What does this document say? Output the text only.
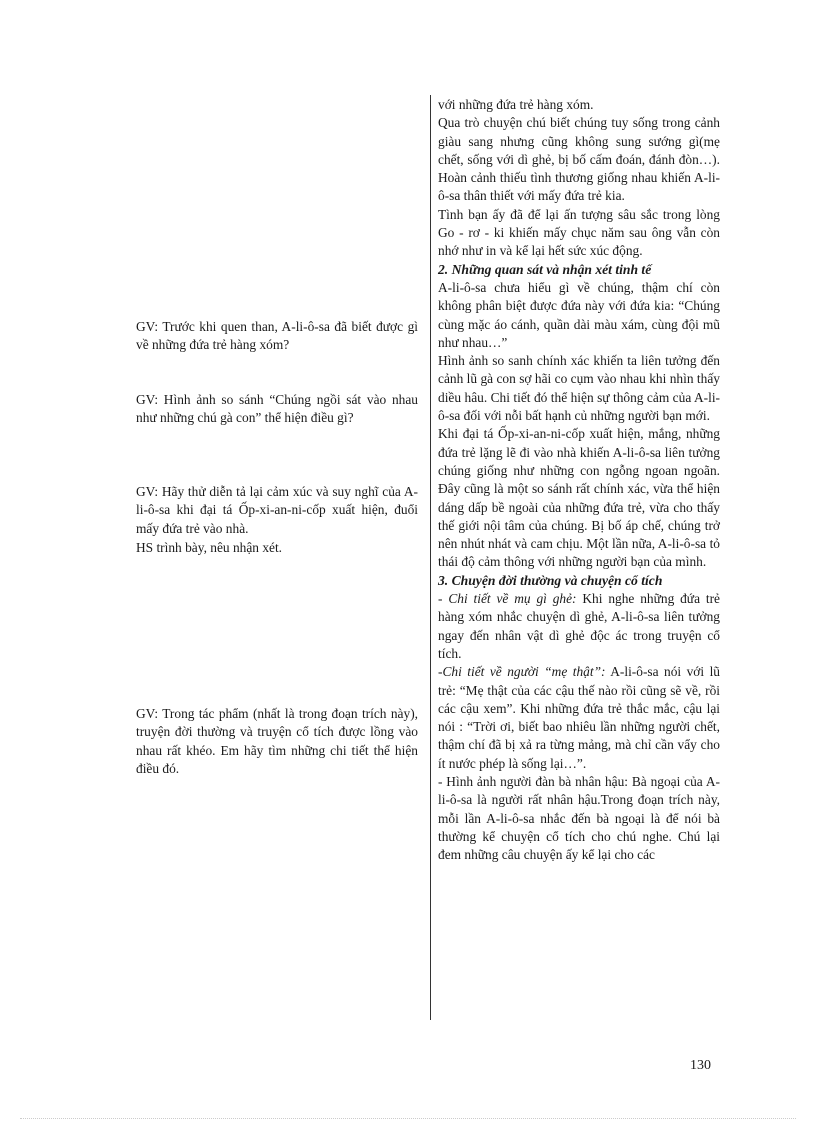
GV: Trước khi quen than, A-li-ô-sa đã biết được gì về những đứa trẻ hàng xóm?
GV: Hình ảnh so sánh “Chúng ngồi sát vào nhau như những chú gà con” thể hiện điều gì?
GV: Hãy thử diễn tả lại cảm xúc và suy nghĩ của A-li-ô-sa khi đại tá Ốp-xi-an-ni-cốp xuất hiện, đuổi mấy đứa trẻ vào nhà.
HS trình bày, nêu nhận xét.
GV: Trong tác phẩm (nhất là trong đoạn trích này), truyện đời thường và truyện cổ tích được lồng vào nhau rất khéo. Em hãy tìm những chi tiết thể hiện điều đó.

với những đứa trẻ hàng xóm.

Qua trò chuyện chú biết chúng tuy sống trong cảnh giàu sang nhưng cũng không sung sướng gì(mẹ chết, sống với dì ghẻ, bị bố cấm đoán, đánh đòn…). Hoàn cảnh thiếu tình thương giống nhau khiến A-li-ô-sa thân thiết với mấy đứa trẻ kia.

Tình bạn ấy đã để lại ấn tượng sâu sắc trong lòng Go - rơ - ki khiến mấy chục năm sau ông vẫn còn nhớ như in và kể lại hết sức xúc động.

2. Những quan sát và nhận xét tinh tế

A-li-ô-sa chưa hiểu gì về chúng, thậm chí còn không phân biệt được đứa này với đứa kia: “Chúng cùng mặc áo cánh, quần dài màu xám, cùng đội mũ như nhau…”

Hình ảnh so sanh chính xác khiến ta liên tưởng đến cảnh lũ gà con sợ hãi co cụm vào nhau khi nhìn thấy diều hâu. Chi tiết đó thể hiện sự thông cảm của A-li-ô-sa đối với nỗi bất hạnh củ những người bạn mới.

Khi đại tá Ốp-xi-an-ni-cốp xuất hiện, mắng, những đứa trẻ lặng lẽ đi vào nhà khiến A-li-ô-sa liên tưởng chúng giống như những con ngỗng ngoan ngoãn. Đây cũng là một so sánh rất chính xác, vừa thể hiện dáng dấp bề ngoài của những đứa trẻ, vừa cho thấy thế giới nội tâm của chúng. Bị bố áp chế, chúng trở nên nhút nhát và cam chịu. Một lần nữa, A-li-ô-sa tỏ thái độ cảm thông với những người bạn của mình.

3. Chuyện đời thường và chuyện cổ tích

- Chi tiết về mụ gì ghẻ: Khi nghe những đứa trẻ hàng xóm nhắc chuyện dì ghẻ, A-li-ô-sa liên tưởng ngay đến nhân vật dì ghẻ độc ác trong truyện cổ tích.

-Chi tiết về người “mẹ thật”: A-li-ô-sa nói với lũ trẻ: “Mẹ thật của các cậu thế nào rồi cũng sẽ về, rồi các cậu xem”. Khi những đứa trẻ thắc mắc, cậu lại nói : “Trời ơi, biết bao nhiêu lần những người chết, thậm chí đã bị xả ra từng mảng, mà chỉ cần vẩy cho ít nước phép là sống lại…”.

- Hình ảnh người đàn bà nhân hậu: Bà ngoại của A-li-ô-sa là người rất nhân hậu.Trong đoạn trích này, mỗi lần A-li-ô-sa nhắc đến bà ngoại là để nói bà thường kể chuyện cổ tích cho chú nghe. Chú lại đem những câu chuyện ấy kể lại cho các

130
